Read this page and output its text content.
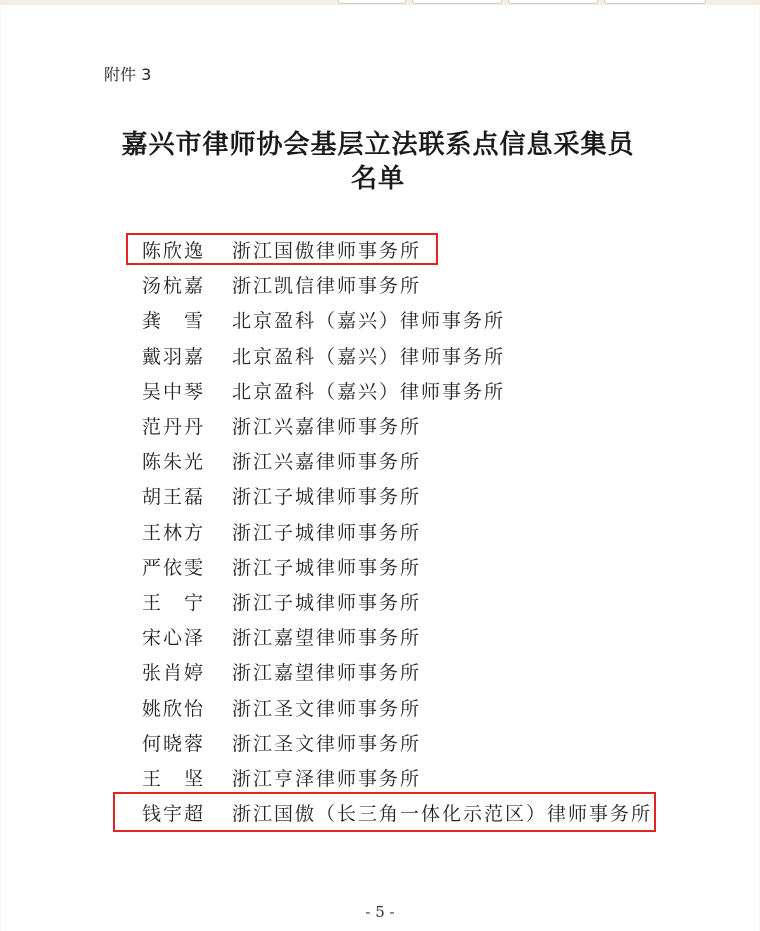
附件 3
嘉兴市律师协会基层立法联系点信息采集员
名单
陈欣逸	浙江国傲律师事务所
汤杭嘉	浙江凯信律师事务所
龚　雪	北京盈科（嘉兴）律师事务所
戴羽嘉	北京盈科（嘉兴）律师事务所
吴中琴	北京盈科（嘉兴）律师事务所
范丹丹	浙江兴嘉律师事务所
陈朱光	浙江兴嘉律师事务所
胡王磊	浙江子城律师事务所
王林方	浙江子城律师事务所
严依雯	浙江子城律师事务所
王　宁	浙江子城律师事务所
宋心泽	浙江嘉望律师事务所
张肖婷	浙江嘉望律师事务所
姚欣怡	浙江圣文律师事务所
何晓蓉	浙江圣文律师事务所
王　坚	浙江亨泽律师事务所
钱宇超	浙江国傲（长三角一体化示范区）律师事务所
- 5 -
